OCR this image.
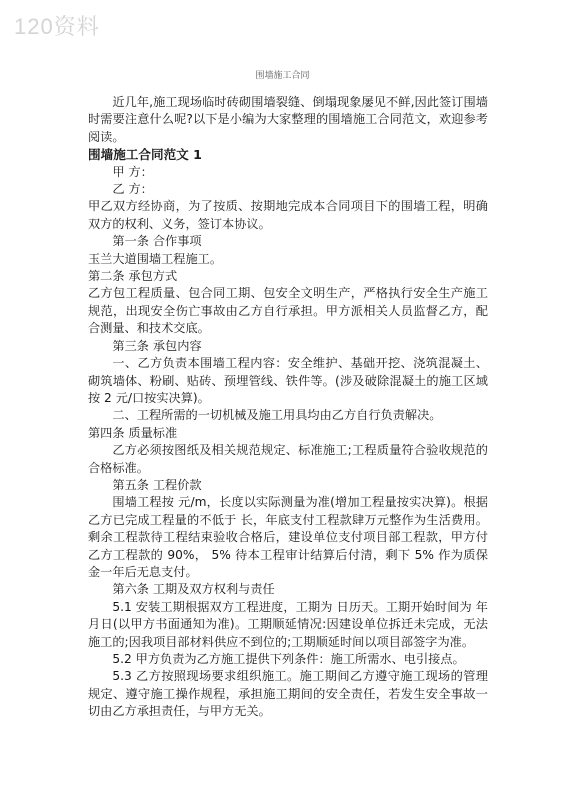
120资料
围墙施工合同

近几年,施工现场临时砖砌围墙裂缝、倒塌现象屡见不鲜,因此签订围墙时需要注意什么呢?以下是小编为大家整理的围墙施工合同范文，欢迎参考阅读。

围墙施工合同范文 1

甲 方：

乙 方：

甲乙双方经协商，为了按质、按期地完成本合同项目下的围墙工程，明确双方的权利、义务，签订本协议。

第一条 合作事项

玉兰大道围墙工程施工。

第二条 承包方式

乙方包工程质量、包合同工期、包安全文明生产，严格执行安全生产施工规范，出现安全伤亡事故由乙方自行承担。甲方派相关人员监督乙方，配合测量、和技术交底。

第三条 承包内容

一、乙方负责本围墙工程内容：安全维护、基础开挖、浇筑混凝土、砌筑墙体、粉刷、贴砖、预埋管线、铁件等。(涉及破除混凝土的施工区域按 2 元/口按实决算)。

二、工程所需的一切机械及施工用具均由乙方自行负责解决。

第四条 质量标准

乙方必须按图纸及相关规范规定、标准施工;工程质量符合验收规范的合格标准。

第五条 工程价款

围墙工程按 元/m，长度以实际测量为准(增加工程量按实决算)。根据乙方已完成工程量的不低于 长，年底支付工程款肆万元整作为生活费用。剩余工程款待工程结束验收合格后，建设单位支付项目部工程款，甲方付乙方工程款的 90%， 5% 待本工程审计结算后付清，剩下 5% 作为质保金一年后无息支付。

第六条 工期及双方权利与责任

5.1 安装工期根据双方工程进度，工期为 日历天。工期开始时间为 年 月日(以甲方书面通知为准)。工期顺延情况:因建设单位拆迁未完成，无法施工的;因我项目部材料供应不到位的;工期顺延时间以项目部签字为准。

5.2 甲方负责为乙方施工提供下列条件：施工所需水、电引接点。

5.3 乙方按照现场要求组织施工。施工期间乙方遵守施工现场的管理规定、遵守施工操作规程，承担施工期间的安全责任，若发生安全事故一切由乙方承担责任，与甲方无关。
